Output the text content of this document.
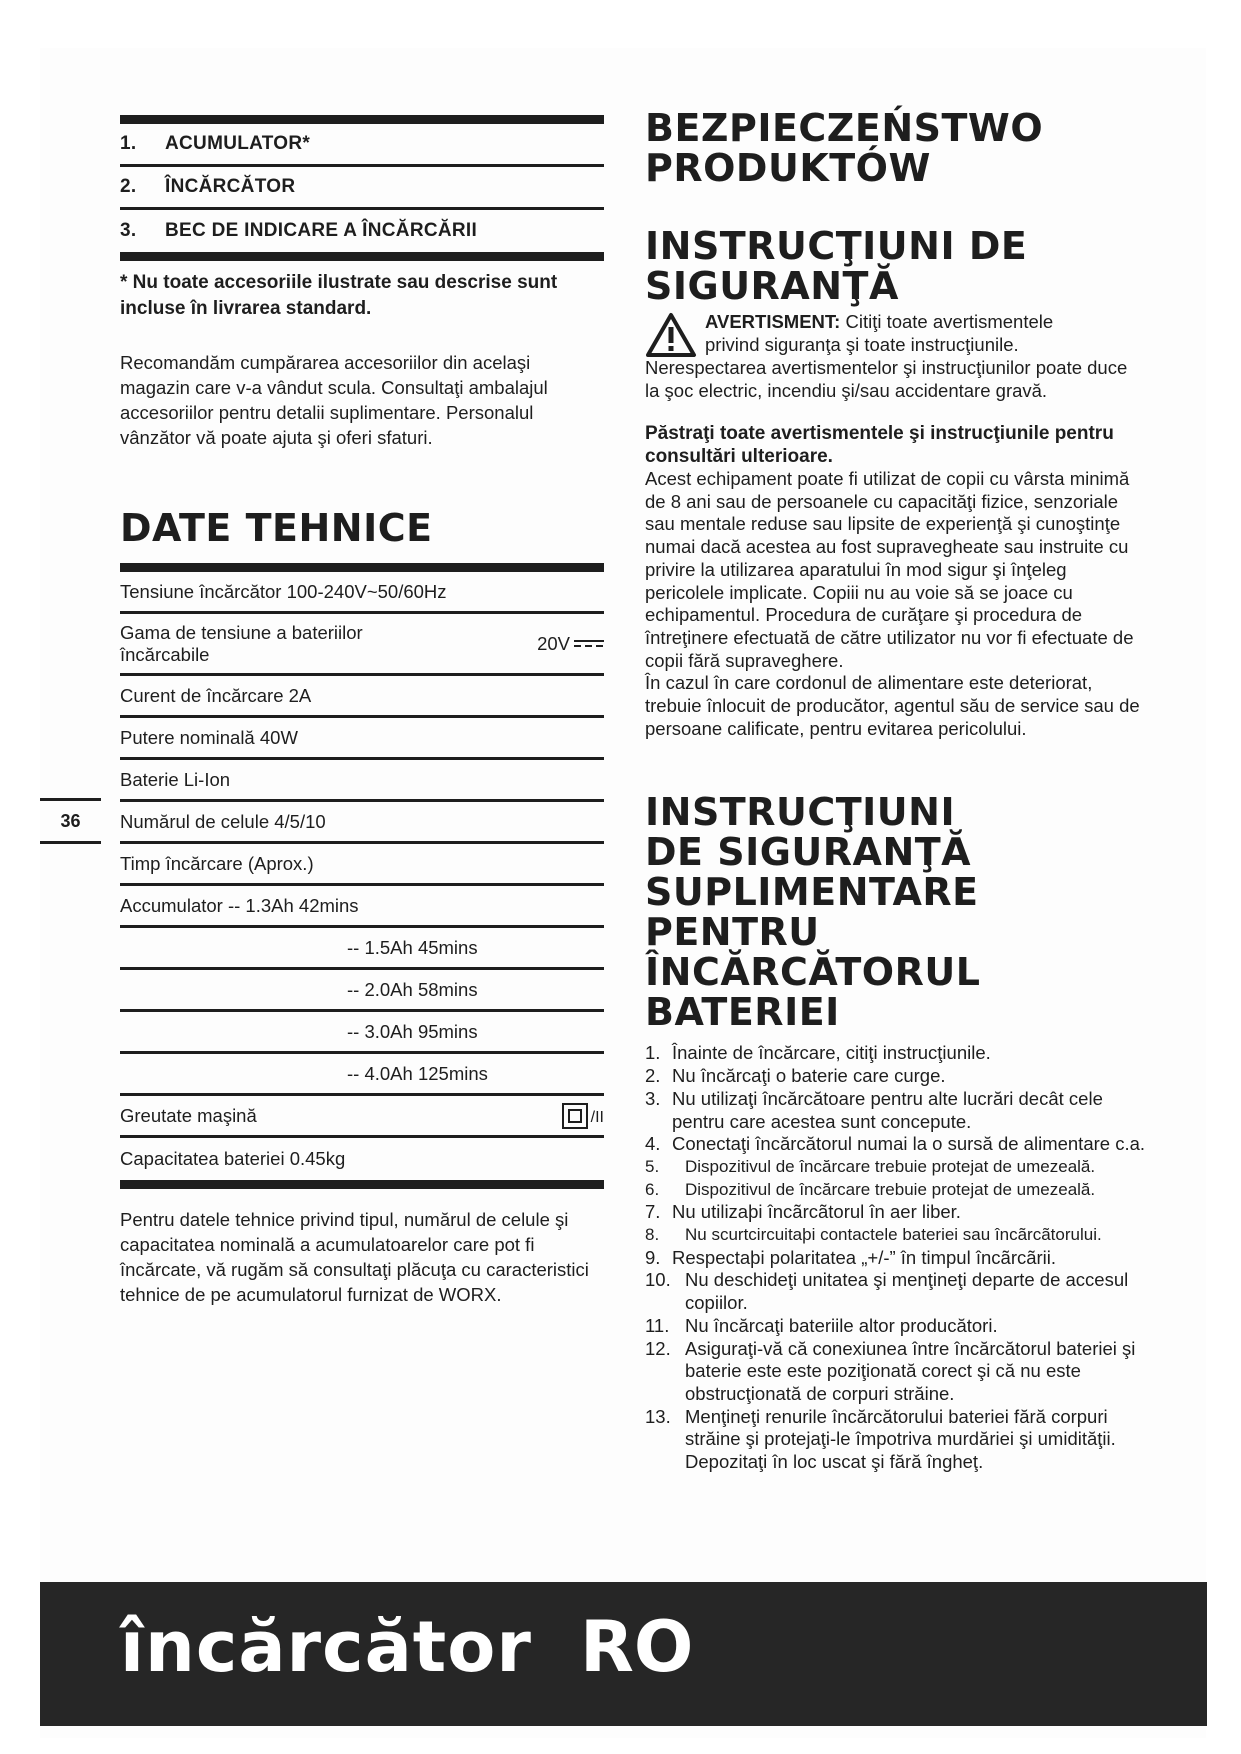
1.	ACUMULATOR*
2.	ÎNCĂRCĂTOR
3.	BEC DE INDICARE A ÎNCĂRCĂRII

* Nu toate accesoriile ilustrate sau descrise sunt incluse în livrarea standard.

Recomandăm cumpărarea accesoriilor din acelaşi magazin care v-a vândut scula. Consultaţi ambalajul accesoriilor pentru detalii suplimentare. Personalul vânzător vă poate ajuta şi oferi sfaturi.

DATE TEHNICE
Tensiune încărcător 100-240V~50/60Hz
Gama de tensiune a bateriilor încărcabile
20V
Curent de încărcare 2A
Putere nominală 40W
Baterie Li-Ion
Numărul de celule 4/5/10
Timp încărcare (Aprox.)
Accumulator -- 1.3Ah 42mins
-- 1.5Ah 45mins
-- 2.0Ah 58mins
-- 3.0Ah 95mins
-- 4.0Ah 125mins
Greutate maşină	/II
Capacitatea bateriei 0.45kg

Pentru datele tehnice privind tipul, numărul de celule şi capacitatea nominală a acumulatoarelor care pot fi încărcate, vă rugăm să consultaţi plăcuţa cu caracteristici tehnice de pe acumulatorul furnizat de WORX.

36
BEZPIECZEŃSTWO
PRODUKTÓW
INSTRUCŢIUNI DE
SIGURANŢĂ

AVERTISMENT: Citiţi toate avertismentele
privind siguranţa şi toate instrucţiunile.
Nerespectarea avertismentelor şi instrucţiunilor poate duce la şoc electric, incendiu şi/sau accidentare gravă.

Păstraţi toate avertismentele şi instrucţiunile pentru consultări ulterioare.

Acest echipament poate fi utilizat de copii cu vârsta minimă de 8 ani sau de persoanele cu capacităţi fizice, senzoriale sau mentale reduse sau lipsite de experienţă şi cunoştinţe numai dacă acestea au fost supravegheate sau instruite cu privire la utilizarea aparatului în mod sigur şi înţeleg pericolele implicate. Copiii nu au voie să se joace cu echipamentul. Procedura de curăţare şi procedura de întreţinere efectuată de către utilizator nu vor fi efectuate de copii fără supraveghere.

În cazul în care cordonul de alimentare este deteriorat, trebuie înlocuit de producător, agentul său de service sau de persoane calificate, pentru evitarea pericolului.

INSTRUCŢIUNI
DE SIGURANŢĂ
SUPLIMENTARE
PENTRU
ÎNCĂRCĂTORUL
BATERIEI
1. Înainte de încărcare, citiţi instrucţiunile.
2. Nu încărcaţi o baterie care curge.
3. Nu utilizaţi încărcătoare pentru alte lucrări decât cele pentru care acestea sunt concepute.
4. Conectaţi încărcătorul numai la o sursă de alimentare c.a.
5.	Dispozitivul de încărcare trebuie protejat de umezeală.
6.	Dispozitivul de încărcare trebuie protejat de umezeală.
7. Nu utilizaþi încãrcãtorul în aer liber.
8.	Nu scurtcircuitaþi contactele bateriei sau încãrcãtorului.
9. Respectaþi polaritatea „+/-” în timpul încãrcãrii.
10. Nu deschideţi unitatea şi menţineţi departe de accesul copiilor.
11. Nu încărcaţi bateriile altor producători.
12. Asiguraţi-vă că conexiunea între încărcătorul bateriei şi baterie este este poziţionată corect şi că nu este obstrucţionată de corpuri străine.
13. Menţineţi renurile încărcătorului bateriei fără corpuri străine şi protejaţi-le împotriva murdăriei şi umidităţii. Depozitaţi în loc uscat şi fără îngheţ.
încărcător RO
